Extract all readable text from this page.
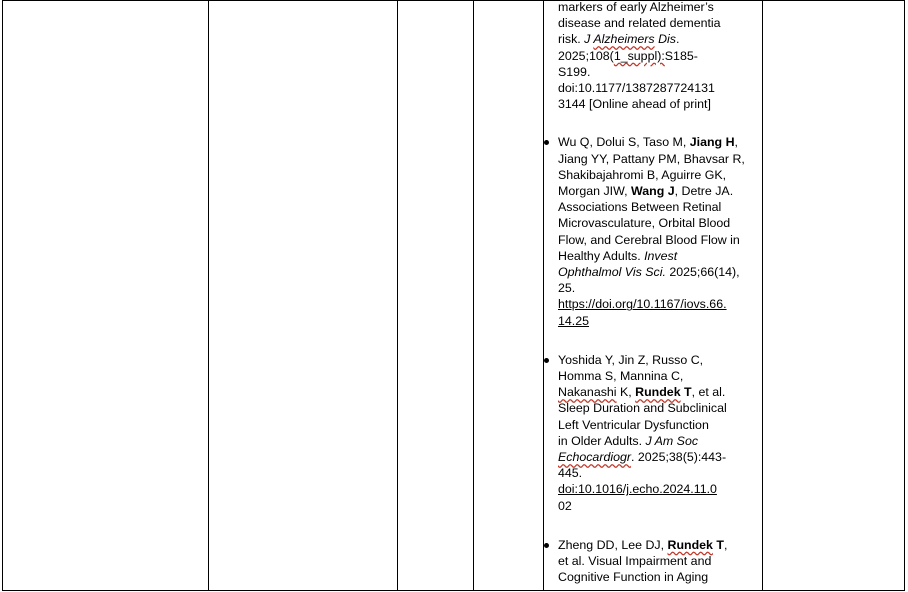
markers of early Alzheimer’s
disease and related dementia
risk. J Alzheimers Dis.
2025;108(1_suppl):S185-
S199.
doi:10.1177/1387287724131
3144 [Online ahead of print]
Wu Q, Dolui S, Taso M, Jiang H,
Jiang YY, Pattany PM, Bhavsar R,
Shakibajahromi B, Aguirre GK,
Morgan JIW, Wang J, Detre JA.
Associations Between Retinal
Microvasculature, Orbital Blood
Flow, and Cerebral Blood Flow in
Healthy Adults. Invest
Ophthalmol Vis Sci. 2025;66(14),
25.
https://doi.org/10.1167/iovs.66.
14.25
Yoshida Y, Jin Z, Russo C,
Homma S, Mannina C,
Nakanashi K, Rundek T, et al.
Sleep Duration and Subclinical
Left Ventricular Dysfunction
in Older Adults. J Am Soc
Echocardiogr. 2025;38(5):443-
445.
doi:10.1016/j.echo.2024.11.0
02
Zheng DD, Lee DJ, Rundek T,
et al. Visual Impairment and
Cognitive Function in Aging
